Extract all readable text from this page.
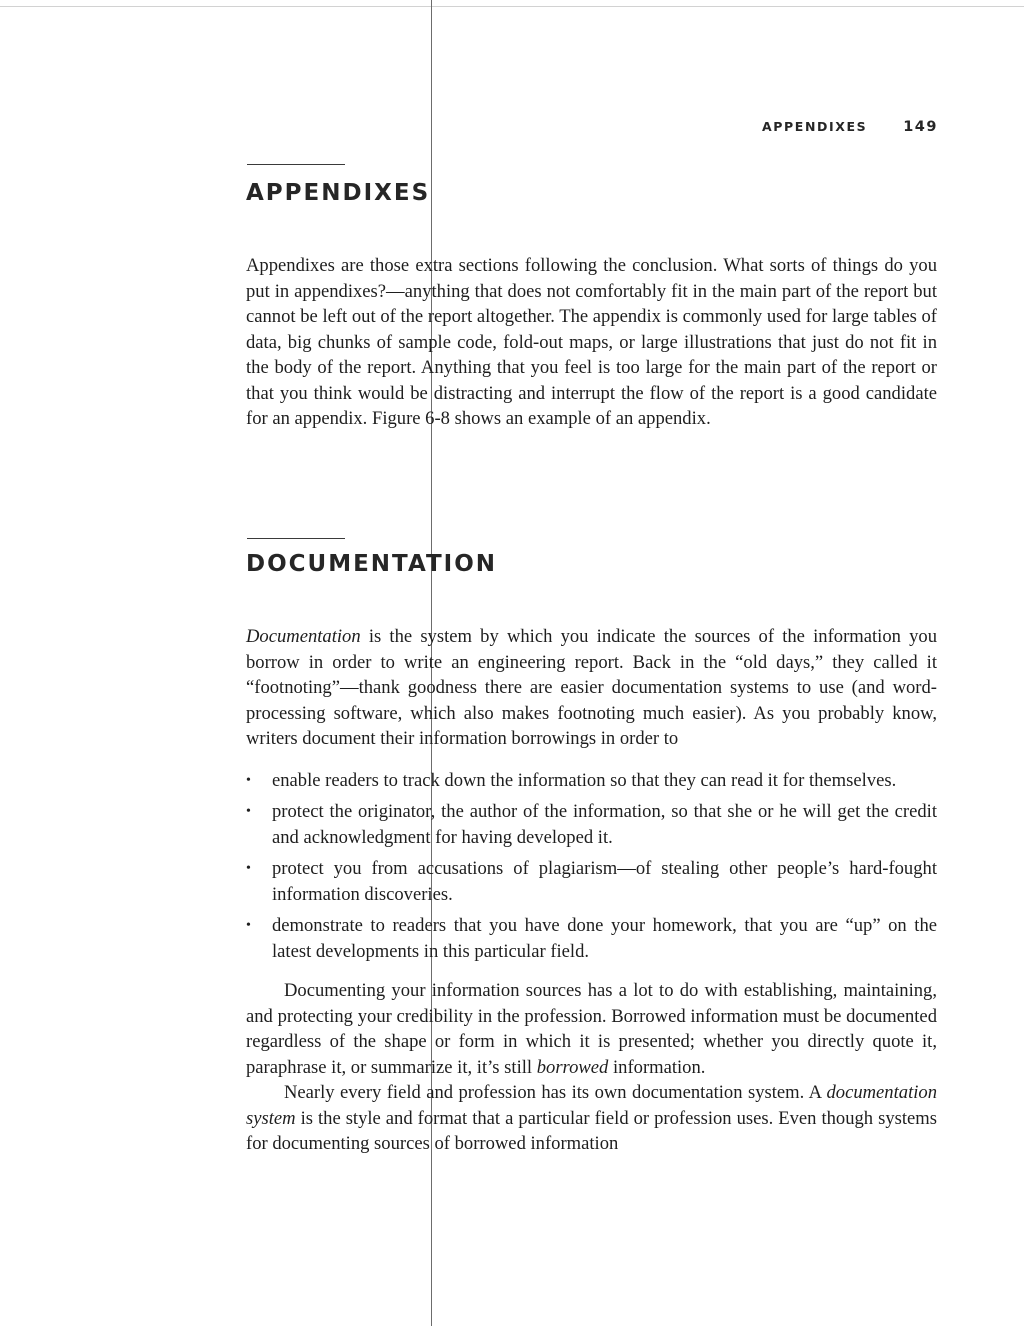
APPENDIXES 149
APPENDIXES

Appendixes are those extra sections following the conclusion. What sorts of things do you put in appendixes?—anything that does not comfortably fit in the main part of the report but cannot be left out of the report altogether. The appendix is commonly used for large tables of data, big chunks of sample code, fold-out maps, or large illustrations that just do not fit in the body of the report. Anything that you feel is too large for the main part of the report or that you think would be distracting and interrupt the flow of the report is a good candidate for an appendix. Figure 6-8 shows an example of an appendix.

DOCUMENTATION

Documentation is the system by which you indicate the sources of the information you borrow in order to write an engineering report. Back in the “old days,” they called it “footnoting”—thank goodness there are easier documentation systems to use (and word-processing software, which also makes footnoting much easier). As you probably know, writers document their information borrowings in order to

• enable readers to track down the information so that they can read it for themselves.
• protect the originator, the author of the information, so that she or he will get the credit and acknowledgment for having developed it.
• protect you from accusations of plagiarism—of stealing other people’s hard-fought information discoveries.
• demonstrate to readers that you have done your homework, that you are “up” on the latest developments in this particular field.

Documenting your information sources has a lot to do with establishing, maintaining, and protecting your credibility in the profession. Borrowed information must be documented regardless of the shape or form in which it is presented; whether you directly quote it, paraphrase it, or summarize it, it’s still borrowed information.

Nearly every field and profession has its own documentation system. A documentation system is the style and format that a particular field or profession uses. Even though systems for documenting sources of borrowed information
